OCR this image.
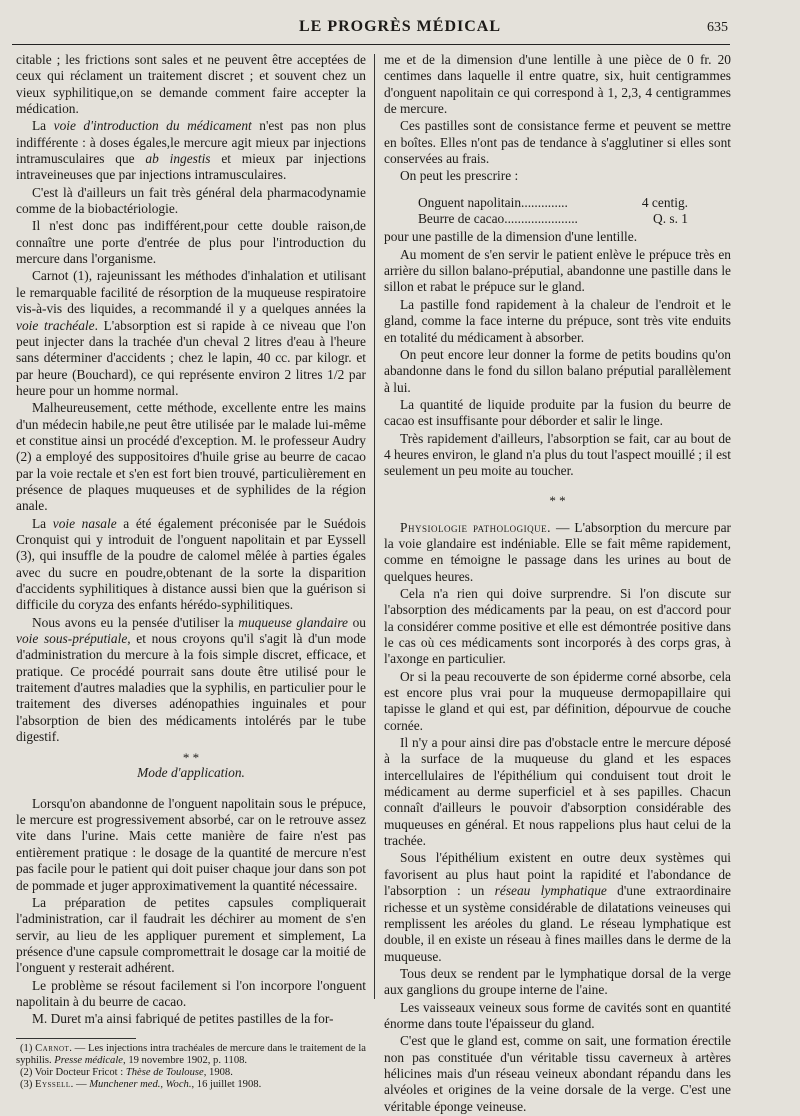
LE PROGRÈS MÉDICAL	635

citable ; les frictions sont sales et ne peuvent être acceptées de ceux qui réclament un traitement discret ; et souvent chez un vieux syphilitique,on se demande comment faire accepter la médication.

La voie d'introduction du médicament n'est pas non plus indifférente : à doses égales,le mercure agit mieux par injections intramusculaires que ab ingestis et mieux par injections intraveineuses que par injections intramusculaires.

C'est là d'ailleurs un fait très général dela pharmacodynamie comme de la biobactériologie.

Il n'est donc pas indifférent,pour cette double raison,de connaître une porte d'entrée de plus pour l'introduction du mercure dans l'organisme.

Carnot (1), rajeunissant les méthodes d'inhalation et utilisant le remarquable facilité de résorption de la muqueuse respiratoire vis-à-vis des liquides, a recommandé il y a quelques années la voie trachéale. L'absorption est si rapide à ce niveau que l'on peut injecter dans la trachée d'un cheval 2 litres d'eau à l'heure sans déterminer d'accidents ; chez le lapin, 40 cc. par kilogr. et par heure (Bouchard), ce qui représente environ 2 litres 1/2 par heure pour un homme normal.

Malheureusement, cette méthode, excellente entre les mains d'un médecin habile,ne peut être utilisée par le malade lui-même et constitue ainsi un procédé d'exception. M. le professeur Audry (2) a employé des suppositoires d'huile grise au beurre de cacao par la voie rectale et s'en est fort bien trouvé, particulièrement en présence de plaques muqueuses et de syphilides de la région anale.

La voie nasale a été également préconisée par le Suédois Cronquist qui y introduit de l'onguent napolitain et par Eyssell (3), qui insuffle de la poudre de calomel mêlée à parties égales avec du sucre en poudre,obtenant de la sorte la disparition d'accidents syphilitiques à distance aussi bien que la guérison si difficile du coryza des enfants hérédo-syphilitiques.

Nous avons eu la pensée d'utiliser la muqueuse glandaire ou voie sous-préputiale, et nous croyons qu'il s'agit là d'un mode d'administration du mercure à la fois simple discret, efficace, et pratique. Ce procédé pourrait sans doute être utilisé pour le traitement d'autres maladies que la syphilis, en particulier pour le traitement des diverses adénopathies inguinales et pour l'absorption de bien des médicaments intolérés par le tube digestif.

* *
Mode d'application.

Lorsqu'on abandonne de l'onguent napolitain sous le prépuce, le mercure est progressivement absorbé, car on le retrouve assez vite dans l'urine. Mais cette manière de faire n'est pas entièrement pratique : le dosage de la quantité de mercure n'est pas facile pour le patient qui doit puiser chaque jour dans son pot de pommade et juger approximativement la quantité nécessaire.

La préparation de petites capsules compliquerait l'administration, car il faudrait les déchirer au moment de s'en servir, au lieu de les appliquer purement et simplement, La présence d'une capsule compromettrait le dosage car la moitié de l'onguent y resterait adhérent.

Le problème se résout facilement si l'on incorpore l'onguent napolitain à du beurre de cacao.

M. Duret m'a ainsi fabriqué de petites pastilles de la for-

(1) Carnot. — Les injections intra trachéales de mercure dans le traitement de la syphilis. Presse médicale, 19 novembre 1902, p. 1108.

(2) Voir Docteur Fricot : Thèse de Toulouse, 1908.

(3) Eyssell. — Munchener med., Woch., 16 juillet 1908.

me et de la dimension d'une lentille à une pièce de 0 fr. 20 centimes dans laquelle il entre quatre, six, huit centigrammes d'onguent napolitain ce qui correspond à 1, 2,3, 4 centigrammes de mercure.

Ces pastilles sont de consistance ferme et peuvent se mettre en boîtes. Elles n'ont pas de tendance à s'agglutiner si elles sont conservées au frais.

On peut les prescrire :

Onguent napolitain..............	4 centig.
Beurre de cacao......................	Q. s. 1

pour une pastille de la dimension d'une lentille.

Au moment de s'en servir le patient enlève le prépuce très en arrière du sillon balano-préputial, abandonne une pastille dans le sillon et rabat le prépuce sur le gland.

La pastille fond rapidement à la chaleur de l'endroit et le gland, comme la face interne du prépuce, sont très vite enduits en totalité du médicament à absorber.

On peut encore leur donner la forme de petits boudins qu'on abandonne dans le fond du sillon balano préputial parallèlement à lui.

La quantité de liquide produite par la fusion du beurre de cacao est insuffisante pour déborder et salir le linge.

Très rapidement d'ailleurs, l'absorption se fait, car au bout de 4 heures environ, le gland n'a plus du tout l'aspect mouillé ; il est seulement un peu moite au toucher.

* *

Physiologie pathologique. — L'absorption du mercure par la voie glandaire est indéniable. Elle se fait même rapidement, comme en témoigne le passage dans les urines au bout de quelques heures.

Cela n'a rien qui doive surprendre. Si l'on discute sur l'absorption des médicaments par la peau, on est d'accord pour la considérer comme positive et elle est démontrée positive dans le cas où ces médicaments sont incorporés à des corps gras, à l'axonge en particulier.

Or si la peau recouverte de son épiderme corné absorbe, cela est encore plus vrai pour la muqueuse dermopapillaire qui tapisse le gland et qui est, par définition, dépourvue de couche cornée.

Il n'y a pour ainsi dire pas d'obstacle entre le mercure déposé à la surface de la muqueuse du gland et les espaces intercellulaires de l'épithélium qui conduisent tout droit le médicament au derme superficiel et à ses papilles. Chacun connaît d'ailleurs le pouvoir d'absorption considérable des muqueuses en général. Et nous rappelions plus haut celui de la trachée.

Sous l'épithélium existent en outre deux systèmes qui favorisent au plus haut point la rapidité et l'abondance de l'absorption : un réseau lymphatique d'une extraordinaire richesse et un système considérable de dilatations veineuses qui remplissent les aréoles du gland. Le réseau lymphatique est double, il en existe un réseau à fines mailles dans le derme de la muqueuse.

Tous deux se rendent par le lymphatique dorsal de la verge aux ganglions du groupe interne de l'aine.

Les vaisseaux veineux sous forme de cavités sont en quantité énorme dans toute l'épaisseur du gland.

C'est que le gland est, comme on sait, une formation érectile non pas constituée d'un véritable tissu caverneux à artères hélicines mais d'un réseau veineux abondant répandu dans les alvéoles et origines de la veine dorsale de la verge. C'est une véritable éponge veineuse.
